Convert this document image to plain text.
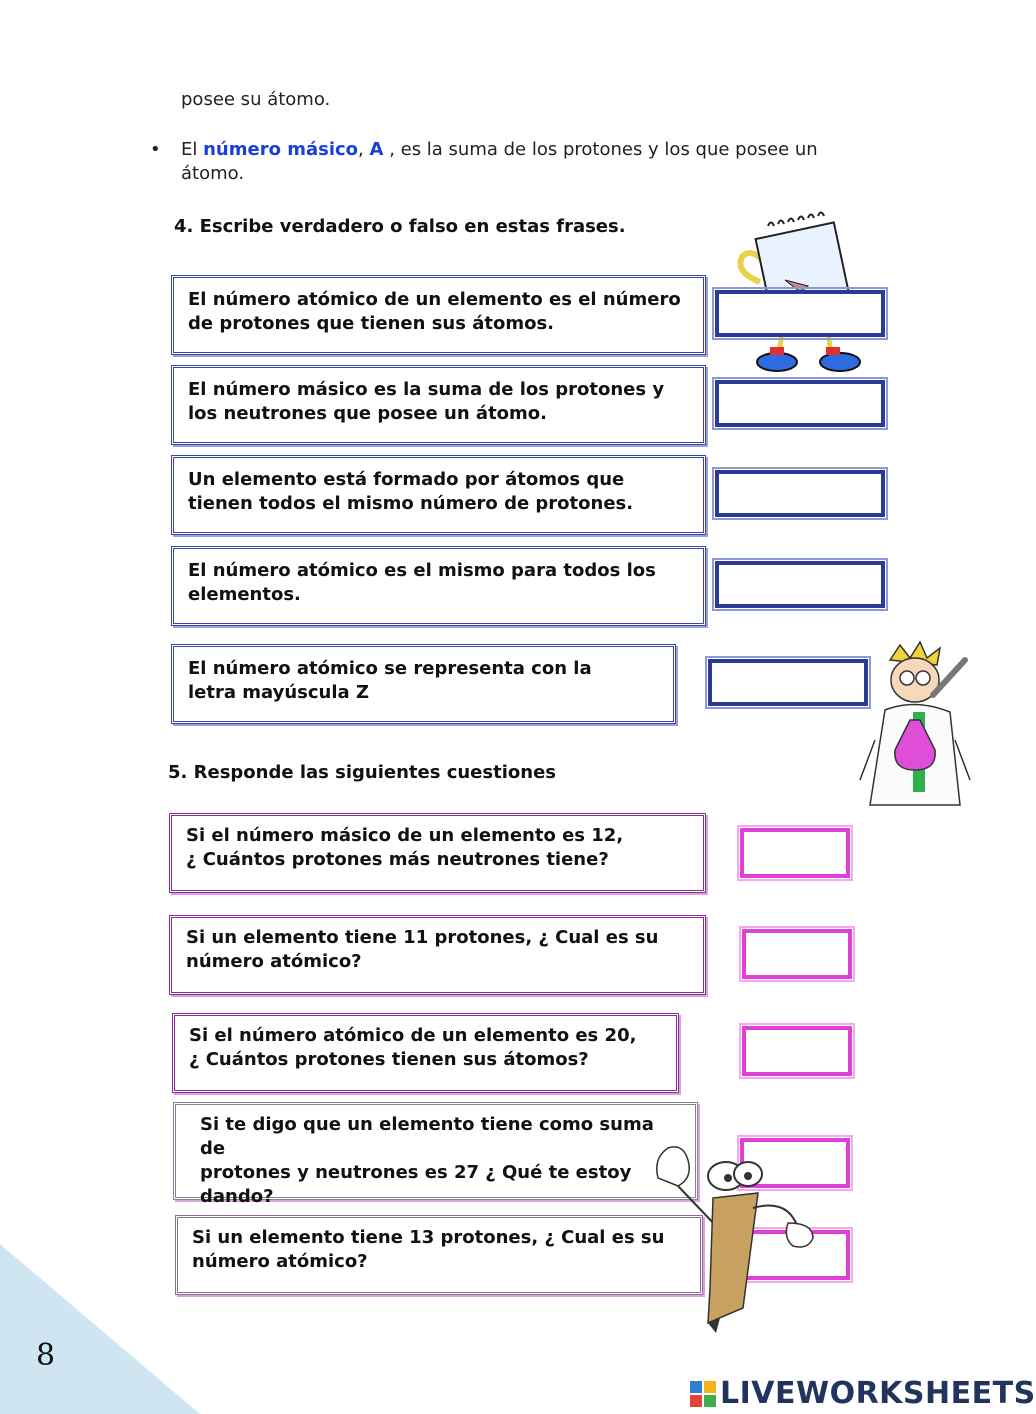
posee su átomo.
• El número másico, A , es la suma de los protones y los que posee un
átomo.
4. Escribe verdadero o falso en estas frases.
El número atómico de un elemento es el número
de protones que tienen sus átomos.
El número másico es la suma de los protones y
los neutrones que posee un átomo.
Un elemento está formado por átomos que
tienen todos el mismo número de protones.
El número atómico es el mismo para todos los
elementos.
El número atómico se representa con la
letra mayúscula Z
5. Responde las siguientes cuestiones
Si el número másico de un elemento es 12,
¿ Cuántos protones más neutrones tiene?
Si un elemento tiene 11 protones, ¿ Cual es su
número atómico?
Si el número atómico de un elemento es 20,
¿ Cuántos protones tienen sus átomos?
Si te digo que un elemento tiene como suma de
protones y neutrones es 27 ¿ Qué te estoy
dando?
Si un elemento tiene 13 protones, ¿ Cual es su
número atómico?
8
LIVEWORKSHEETS
